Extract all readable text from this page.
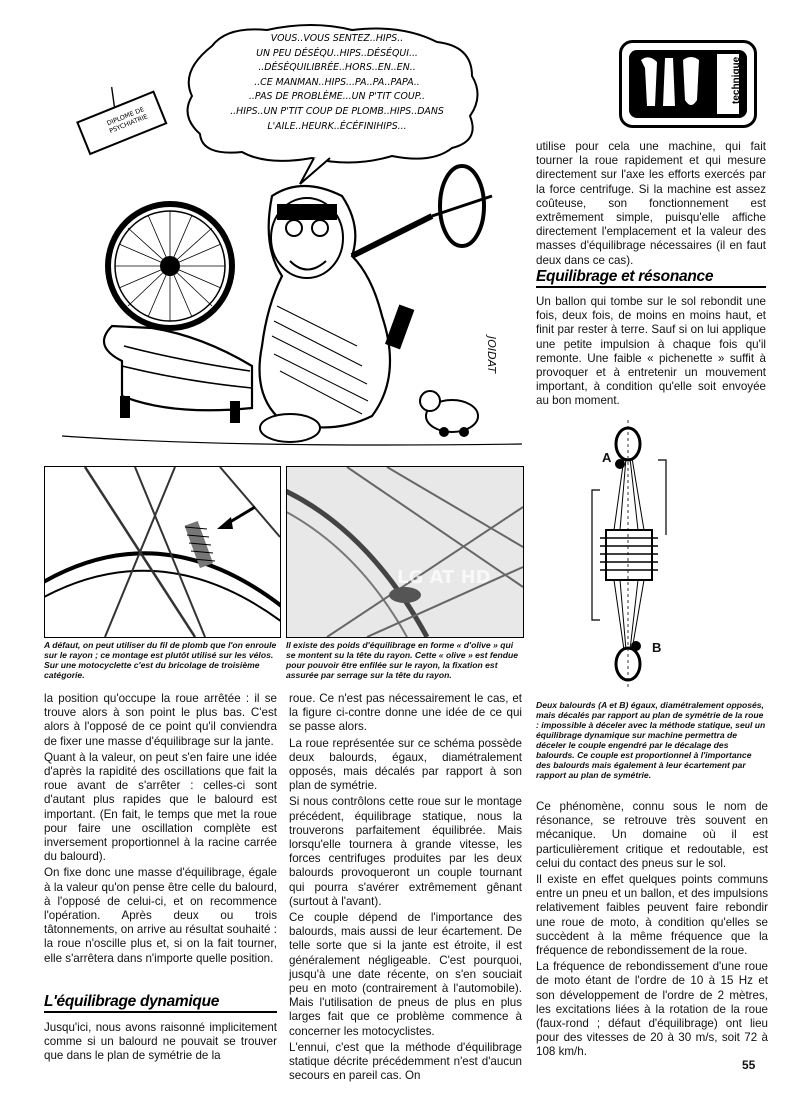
VOUS..VOUS SENTEZ..HIPS..
UN PEU DÉSÉQU..HIPS..DÉSÉQUI...
..DÉSÉQUILIBRÉE..HORS..EN..EN..
..CE MANMAN..HIPS...PA..PA..PAPA..
..PAS DE PROBLÈME...UN P'TIT COUP..
..HIPS..UN P'TIT COUP DE PLOMB..HIPS..DANS
L'AILE..HEURK..ÉCÉFINIHIPS...
DIPLOME DE PSYCHIATRIE
JOIDAT
technique

utilise pour cela une machine, qui fait tourner la roue rapidement et qui mesure directement sur l'axe les efforts exercés par la force centrifuge. Si la machine est assez coûteuse, son fonctionnement est extrêmement simple, puisqu'elle affiche directement l'emplacement et la valeur des masses d'équilibrage nécessaires (il en faut deux dans ce cas).

Equilibrage et résonance

Un ballon qui tombe sur le sol rebondit une fois, deux fois, de moins en moins haut, et finit par rester à terre. Sauf si on lui applique une petite impulsion à chaque fois qu'il remonte. Une faible « pichenette » suffit à provoquer et à entretenir un mouvement important, à condition qu'elle soit envoyée au bon moment.

A défaut, on peut utiliser du fil de plomb que l'on enroule sur le rayon ; ce montage est plutôt utilisé sur les vélos. Sur une motocyclette c'est du bricolage de troisième catégorie.
LG AT HD
Il existe des poids d'équilibrage en forme « d'olive » qui se montent su la tête du rayon. Cette « olive » est fendue pour pouvoir être enfilée sur le rayon, la fixation est assurée par serrage sur la tête du rayon.
A
B
Deux balourds (A et B) égaux, diamétralement opposés, mais décalés par rapport au plan de symétrie de la roue : impossible à déceler avec la méthode statique, seul un équilibrage dynamique sur machine permettra de déceler le couple engendré par le décalage des balourds. Ce couple est proportionnel à l'importance des balourds mais également à leur écartement par rapport au plan de symétrie.

la position qu'occupe la roue arrêtée : il se trouve alors à son point le plus bas. C'est alors à l'opposé de ce point qu'il conviendra de fixer une masse d'équilibrage sur la jante.

Quant à la valeur, on peut s'en faire une idée d'après la rapidité des oscillations que fait la roue avant de s'arrêter : celles-ci sont d'autant plus rapides que le balourd est important. (En fait, le temps que met la roue pour faire une oscillation complète est inversement proportionnel à la racine carrée du balourd).

On fixe donc une masse d'équilibrage, égale à la valeur qu'on pense être celle du balourd, à l'opposé de celui-ci, et on recommence l'opération. Après deux ou trois tâtonnements, on arrive au résultat souhaité : la roue n'oscille plus et, si on la fait tourner, elle s'arrêtera dans n'importe quelle position.

L'équilibrage dynamique

Jusqu'ici, nous avons raisonné implicitement comme si un balourd ne pouvait se trouver que dans le plan de symétrie de la

roue. Ce n'est pas nécessairement le cas, et la figure ci-contre donne une idée de ce qui se passe alors.

La roue représentée sur ce schéma possède deux balourds, égaux, diamétralement opposés, mais décalés par rapport à son plan de symétrie.

Si nous contrôlons cette roue sur le montage précédent, équilibrage statique, nous la trouverons parfaitement équilibrée. Mais lorsqu'elle tournera à grande vitesse, les forces centrifuges produites par les deux balourds provoqueront un couple tournant qui pourra s'avérer extrêmement gênant (surtout à l'avant).

Ce couple dépend de l'importance des balourds, mais aussi de leur écartement. De telle sorte que si la jante est étroite, il est généralement négligeable. C'est pourquoi, jusqu'à une date récente, on s'en souciait peu en moto (contrairement à l'automobile). Mais l'utilisation de pneus de plus en plus larges fait que ce problème commence à concerner les motocyclistes.

L'ennui, c'est que la méthode d'équilibrage statique décrite précédemment n'est d'aucun secours en pareil cas. On

Ce phénomène, connu sous le nom de résonance, se retrouve très souvent en mécanique. Un domaine où il est particulièrement critique et redoutable, est celui du contact des pneus sur le sol.

Il existe en effet quelques points communs entre un pneu et un ballon, et des impulsions relativement faibles peuvent faire rebondir une roue de moto, à condition qu'elles se succèdent à la même fréquence que la fréquence de rebondissement de la roue.

La fréquence de rebondissement d'une roue de moto étant de l'ordre de 10 à 15 Hz et son développement de l'ordre de 2 mètres, les excitations liées à la rotation de la roue (faux-rond ; défaut d'équilibrage) ont lieu pour des vitesses de 20 à 30 m/s, soit 72 à 108 km/h.

55
